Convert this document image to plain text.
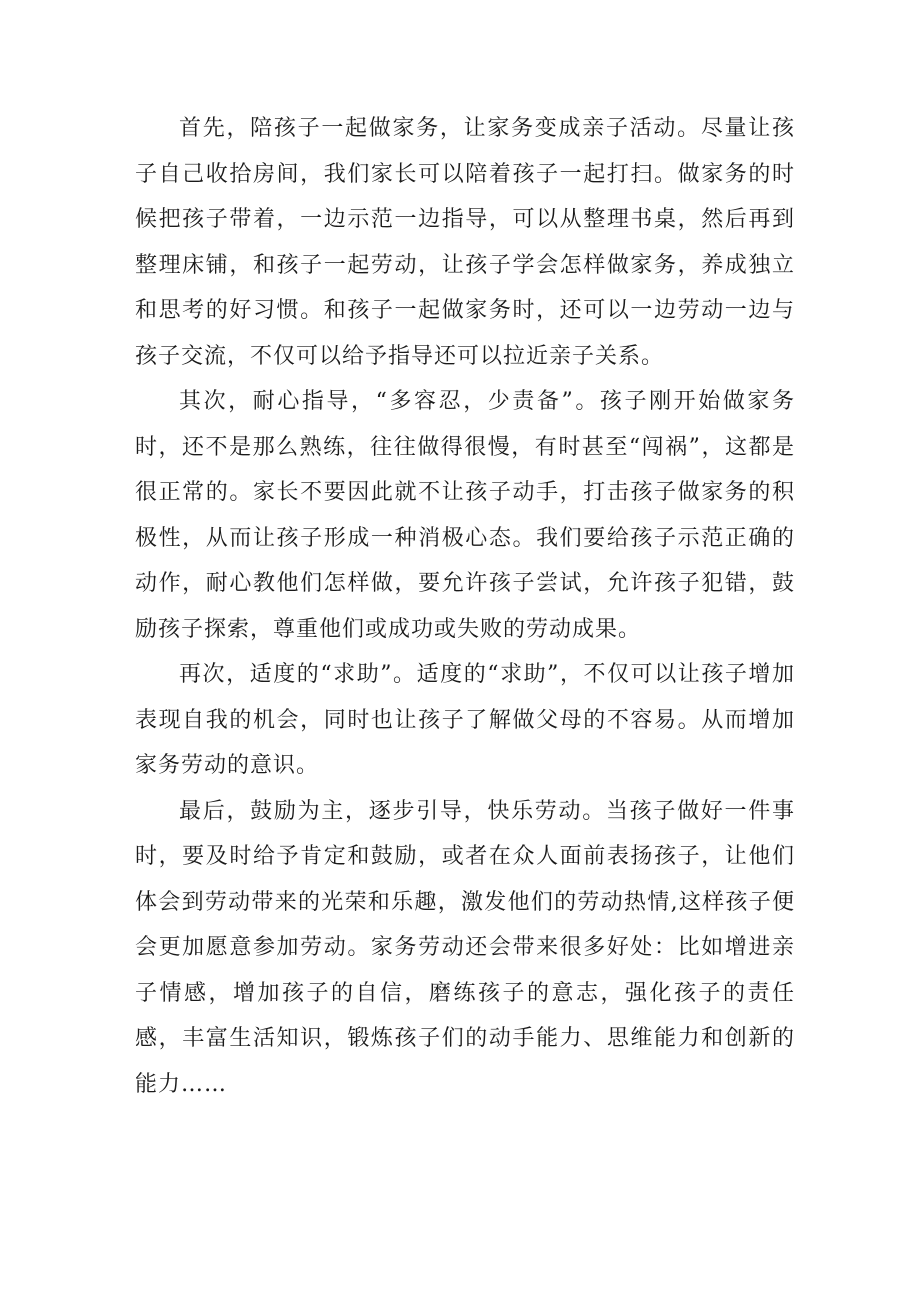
首先，陪孩子一起做家务，让家务变成亲子活动。尽量让孩子自己收拾房间，我们家长可以陪着孩子一起打扫。做家务的时候把孩子带着，一边示范一边指导，可以从整理书桌，然后再到整理床铺，和孩子一起劳动，让孩子学会怎样做家务，养成独立和思考的好习惯。和孩子一起做家务时，还可以一边劳动一边与孩子交流，不仅可以给予指导还可以拉近亲子关系。

其次，耐心指导，“多容忍，少责备”。孩子刚开始做家务时，还不是那么熟练，往往做得很慢，有时甚至“闯祸”，这都是很正常的。家长不要因此就不让孩子动手，打击孩子做家务的积极性，从而让孩子形成一种消极心态。我们要给孩子示范正确的动作，耐心教他们怎样做，要允许孩子尝试，允许孩子犯错，鼓励孩子探索，尊重他们或成功或失败的劳动成果。

再次，适度的“求助”。适度的“求助”，不仅可以让孩子增加表现自我的机会，同时也让孩子了解做父母的不容易。从而增加家务劳动的意识。

最后，鼓励为主，逐步引导，快乐劳动。当孩子做好一件事时，要及时给予肯定和鼓励，或者在众人面前表扬孩子，让他们体会到劳动带来的光荣和乐趣，激发他们的劳动热情,这样孩子便会更加愿意参加劳动。家务劳动还会带来很多好处：比如增进亲子情感，增加孩子的自信，磨练孩子的意志，强化孩子的责任感，丰富生活知识，锻炼孩子们的动手能力、思维能力和创新的能力……
